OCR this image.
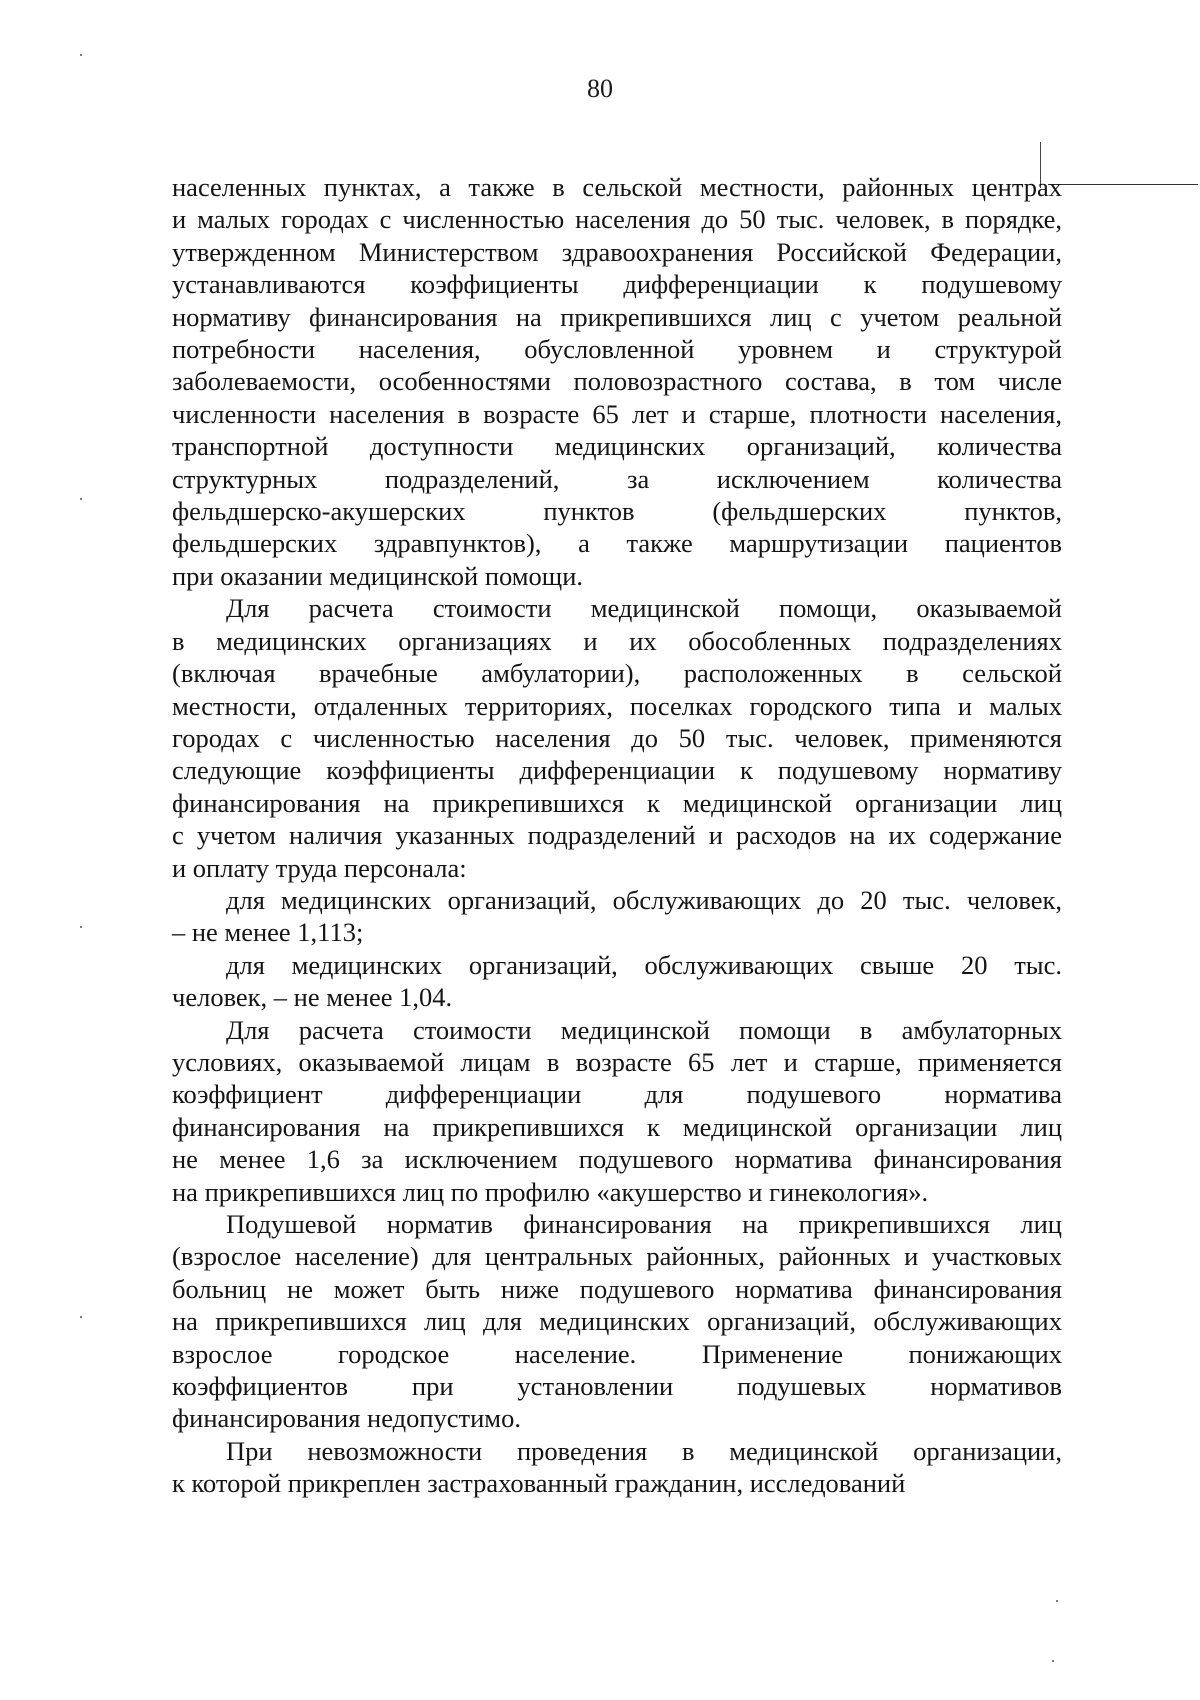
80
населенных пунктах, а также в сельской местности, районных центрах
и малых городах с численностью населения до 50 тыс. человек, в порядке,
утвержденном Министерством здравоохранения Российской Федерации,
устанавливаются коэффициенты дифференциации к подушевому
нормативу финансирования на прикрепившихся лиц с учетом реальной
потребности населения, обусловленной уровнем и структурой
заболеваемости, особенностями половозрастного состава, в том числе
численности населения в возрасте 65 лет и старше, плотности населения,
транспортной доступности медицинских организаций, количества
структурных подразделений, за исключением количества
фельдшерско-акушерских пунктов (фельдшерских пунктов,
фельдшерских здравпунктов), а также маршрутизации пациентов
при оказании медицинской помощи.
Для расчета стоимости медицинской помощи, оказываемой
в медицинских организациях и их обособленных подразделениях
(включая врачебные амбулатории), расположенных в сельской
местности, отдаленных территориях, поселках городского типа и малых
городах с численностью населения до 50 тыс. человек, применяются
следующие коэффициенты дифференциации к подушевому нормативу
финансирования на прикрепившихся к медицинской организации лиц
с учетом наличия указанных подразделений и расходов на их содержание
и оплату труда персонала:
для медицинских организаций, обслуживающих до 20 тыс. человек,
– не менее 1,113;
для медицинских организаций, обслуживающих свыше 20 тыс.
человек, – не менее 1,04.
Для расчета стоимости медицинской помощи в амбулаторных
условиях, оказываемой лицам в возрасте 65 лет и старше, применяется
коэффициент дифференциации для подушевого норматива
финансирования на прикрепившихся к медицинской организации лиц
не менее 1,6 за исключением подушевого норматива финансирования
на прикрепившихся лиц по профилю «акушерство и гинекология».
Подушевой норматив финансирования на прикрепившихся лиц
(взрослое население) для центральных районных, районных и участковых
больниц не может быть ниже подушевого норматива финансирования
на прикрепившихся лиц для медицинских организаций, обслуживающих
взрослое городское население. Применение понижающих
коэффициентов при установлении подушевых нормативов
финансирования недопустимо.
При невозможности проведения в медицинской организации,
к которой прикреплен застрахованный гражданин, исследований
